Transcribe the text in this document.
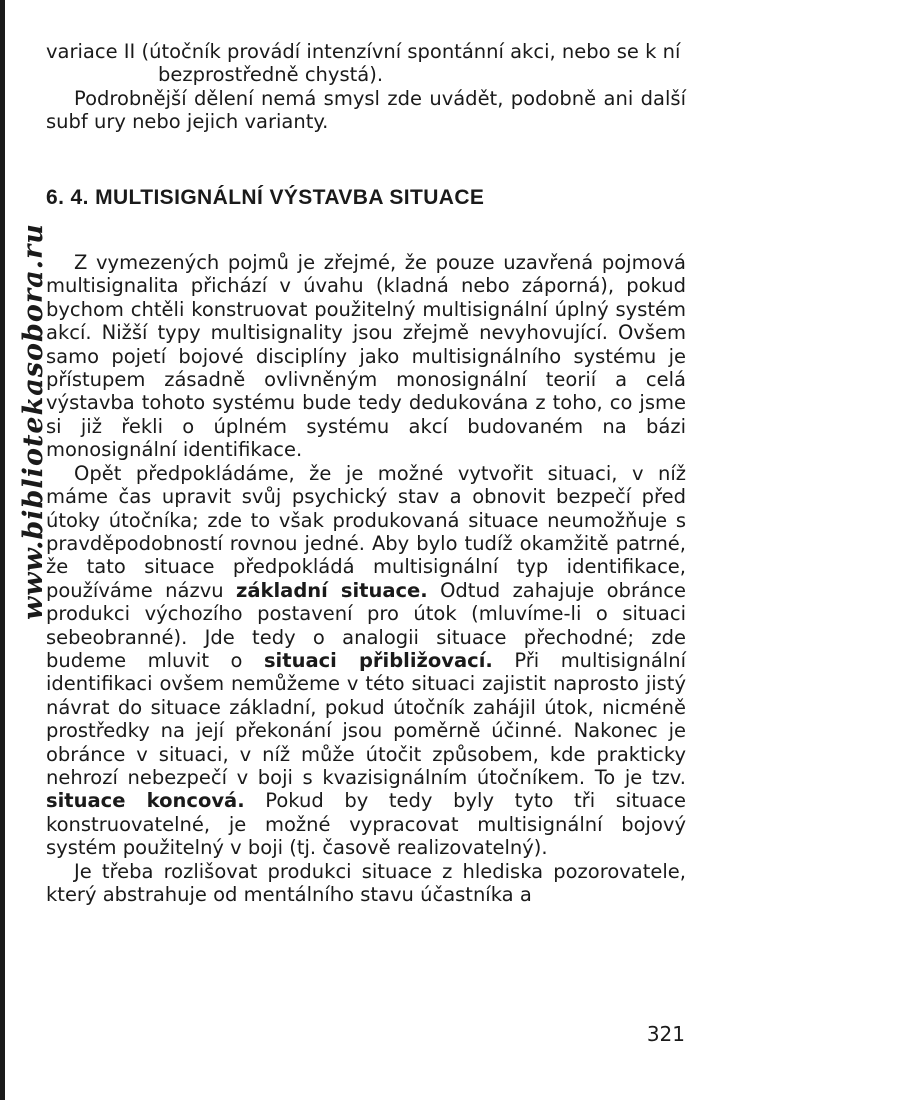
www.bibliotekasobora.ru

variace II (útočník provádí intenzívní spontánní akci, nebo se k ní bezprostředně chystá).

Podrobnější dělení nemá smysl zde uvádět, podobně ani další subf ury nebo jejich varianty.

6. 4. MULTISIGNÁLNÍ VÝSTAVBA SITUACE

Z vymezených pojmů je zřejmé, že pouze uzavřená pojmová multisignalita přichází v úvahu (kladná nebo záporná), pokud bychom chtěli konstruovat použitelný multisignální úplný systém akcí. Nižší typy multisignality jsou zřejmě nevyhovující. Ovšem samo pojetí bojové disciplíny jako multisignálního systému je přístupem zásadně ovlivněným monosignální teorií a celá výstavba tohoto systému bude tedy dedukována z toho, co jsme si již řekli o úplném systému akcí budovaném na bázi monosignální identifikace.

Opět předpokládáme, že je možné vytvořit situaci, v níž máme čas upravit svůj psychický stav a obnovit bezpečí před útoky útočníka; zde to však produkovaná situace neumožňuje s pravděpodobností rovnou jedné. Aby bylo tudíž okamžitě patrné, že tato situace předpokládá multisignální typ identifikace, používáme názvu základní situace. Odtud zahajuje obránce produkci výchozího postavení pro útok (mluvíme-li o situaci sebeobranné). Jde tedy o analogii situace přechodné; zde budeme mluvit o situaci přibližovací. Při multisignální identifikaci ovšem nemůžeme v této situaci zajistit naprosto jistý návrat do situace základní, pokud útočník zahájil útok, nicméně prostředky na její překonání jsou poměrně účinné. Nakonec je obránce v situaci, v níž může útočit způsobem, kde prakticky nehrozí nebezpečí v boji s kvazisignálním útočníkem. To je tzv. situace koncová. Pokud by tedy byly tyto tři situace konstruovatelné, je možné vypracovat multisignální bojový systém použitelný v boji (tj. časově realizovatelný).

Je třeba rozlišovat produkci situace z hlediska pozorovatele, který abstrahuje od mentálního stavu účastníka a

321
